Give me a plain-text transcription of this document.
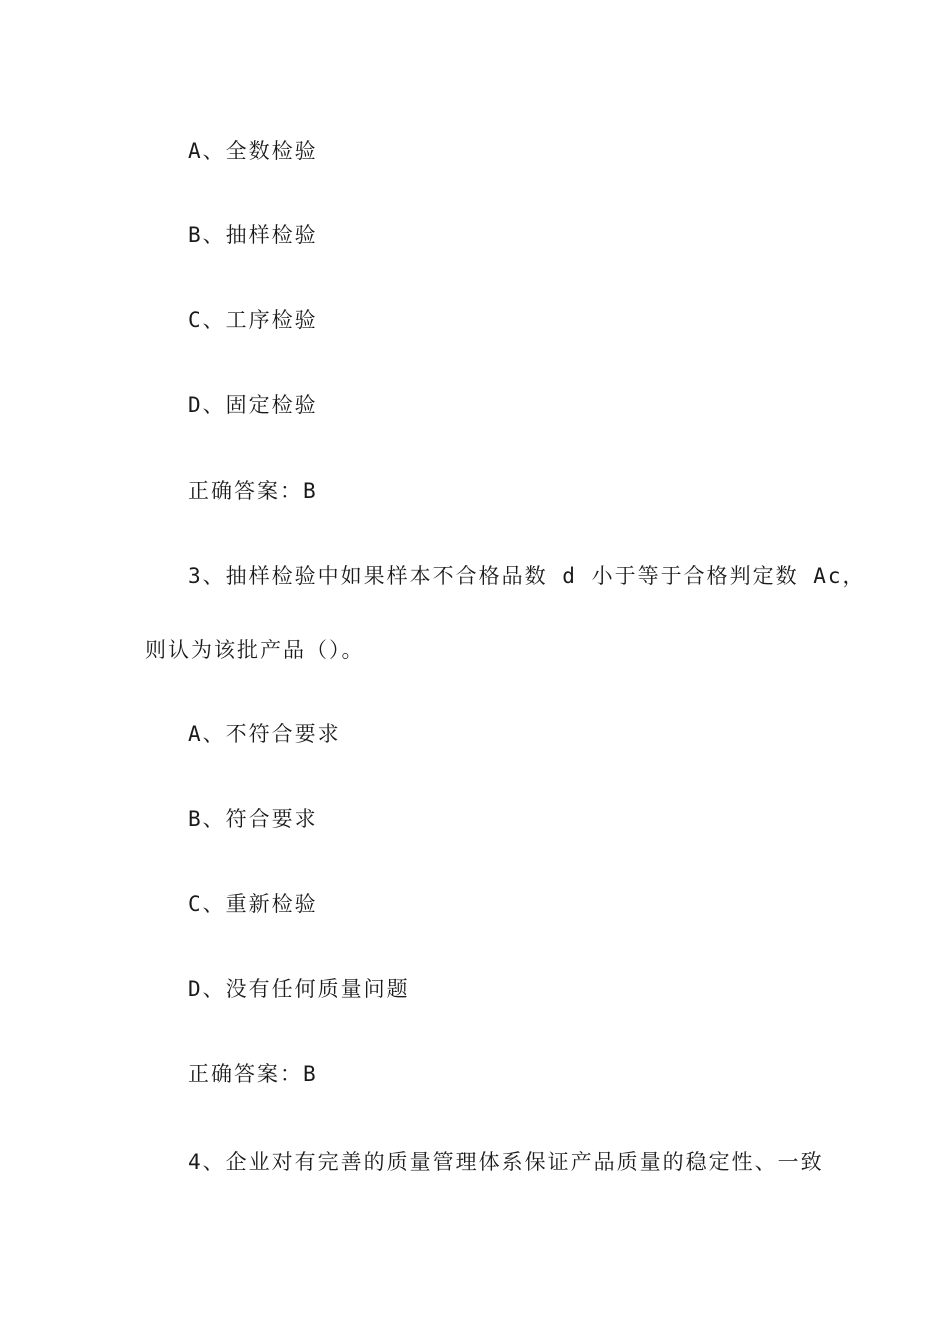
A、全数检验
B、抽样检验
C、工序检验
D、固定检验
正确答案：B
3、抽样检验中如果样本不合格品数 d 小于等于合格判定数 Ac，
则认为该批产品（）。
A、不符合要求
B、符合要求
C、重新检验
D、没有任何质量问题
正确答案：B
4、企业对有完善的质量管理体系保证产品质量的稳定性、一致
